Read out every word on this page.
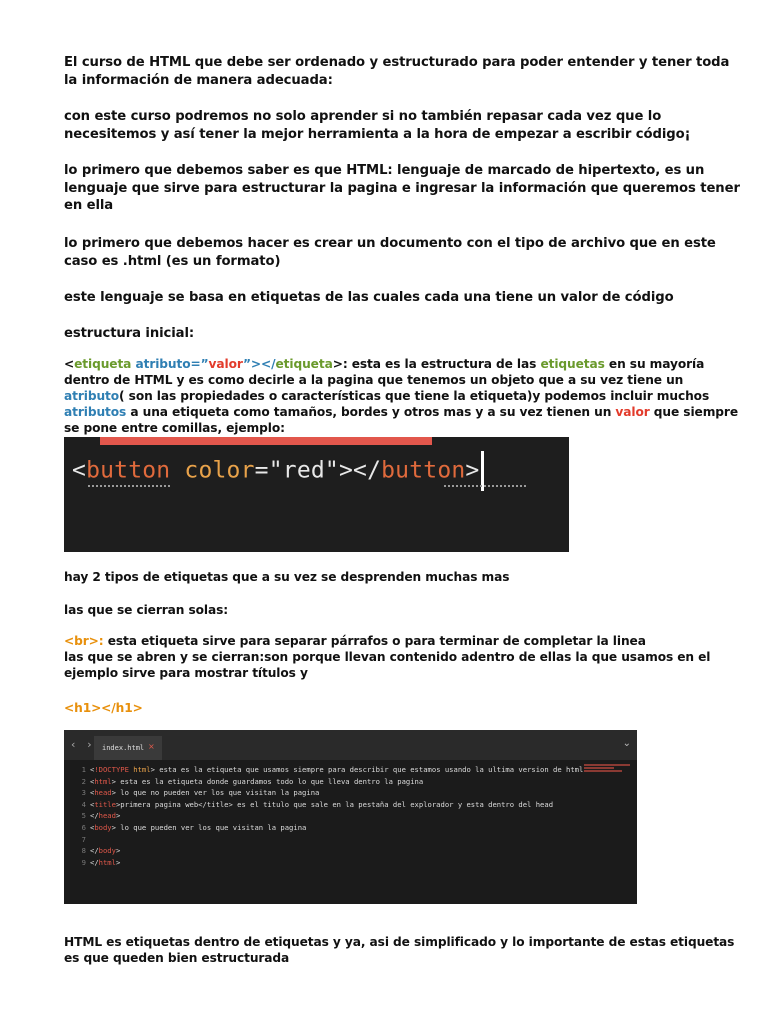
El curso de HTML que debe ser ordenado y estructurado para poder entender y tener toda la información de manera adecuada:

con este curso podremos no solo aprender si no también repasar cada vez que lo necesitemos y así tener la mejor herramienta a la hora de empezar a escribir código¡

lo primero que debemos saber es que HTML: lenguaje de marcado de hipertexto, es un lenguaje que sirve para estructurar la pagina e ingresar la información que queremos tener en ella

lo primero que debemos hacer es crear un documento con el tipo de archivo que en este caso es .html (es un formato)

este lenguaje se basa en etiquetas de las cuales cada una tiene un valor de código

estructura inicial:

<etiqueta atributo=”valor”></etiqueta>: esta es la estructura de las etiquetas en su mayoría dentro de HTML y es como decirle a la pagina que tenemos un objeto que a su vez tiene un atributo( son las propiedades o características que tiene la etiqueta)y podemos incluir muchos atributos a una etiqueta como tamaños, bordes y otros mas y a su vez tienen un valor que siempre se pone entre comillas, ejemplo:

<button color="red"></button>

hay 2 tipos de etiquetas que a su vez se desprenden muchas mas

las que se cierran solas:

<br>: esta etiqueta sirve para separar párrafos o para terminar de completar la linea
las que se abren y se cierran:son porque llevan contenido adentro de ellas la que usamos en el ejemplo sirve para mostrar títulos y

<h1></h1>

‹ ›	index.html ×	⌄
1
2
3
4
5
6
7
8
9
<!DOCTYPE html> esta es la etiqueta que usamos siempre para describir que estamos usando la ultima version de html
<html> esta es la etiqueta donde guardamos todo lo que lleva dentro la pagina
<head> lo que no pueden ver los que visitan la pagina
<title>primera pagina web</title> es el titulo que sale en la pestaña del explorador y esta dentro del head
</head>
<body> lo que pueden ver los que visitan la pagina
</body>
</html>

HTML es etiquetas dentro de etiquetas y ya, asi de simplificado y lo importante de estas etiquetas es que queden bien estructurada
